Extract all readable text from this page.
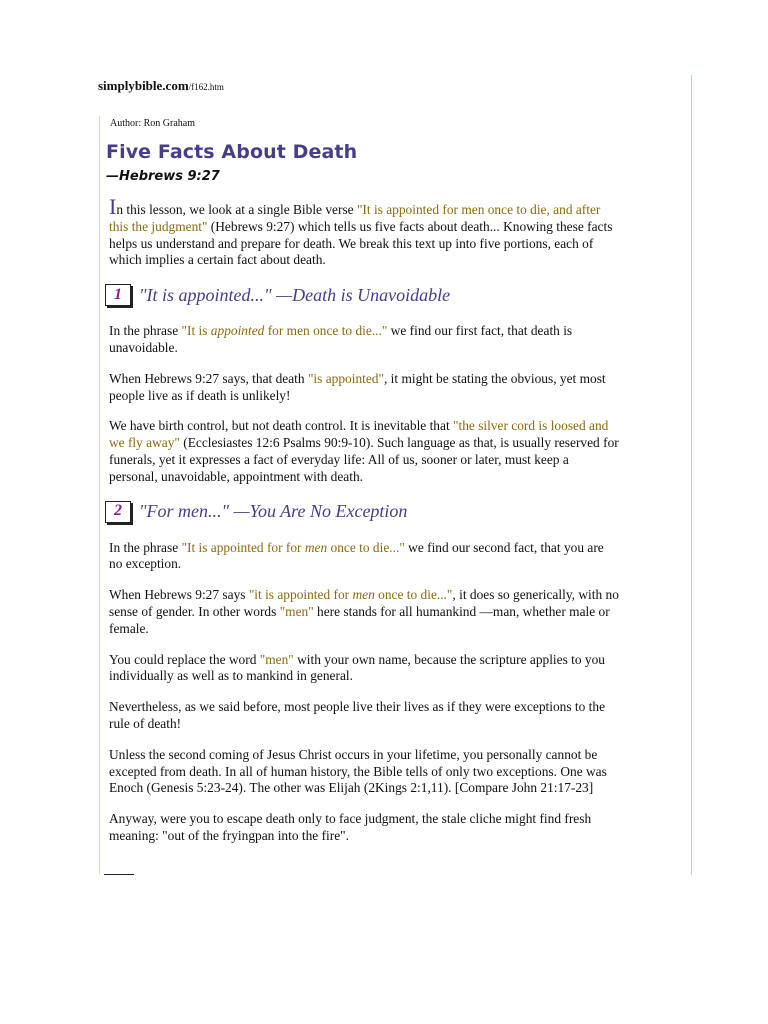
simplybible.com/f162.htm
Author: Ron Graham
Five Facts About Death
—Hebrews 9:27

In this lesson, we look at a single Bible verse "It is appointed for men once to die, and after this the judgment" (Hebrews 9:27) which tells us five facts about death... Knowing these facts helps us understand and prepare for death. We break this text up into five portions, each of which implies a certain fact about death.

1 "It is appointed..." —Death is Unavoidable

In the phrase "It is appointed for men once to die..." we find our first fact, that death is unavoidable.

When Hebrews 9:27 says, that death "is appointed", it might be stating the obvious, yet most people live as if death is unlikely!

We have birth control, but not death control. It is inevitable that "the silver cord is loosed and we fly away" (Ecclesiastes 12:6 Psalms 90:9-10). Such language as that, is usually reserved for funerals, yet it expresses a fact of everyday life: All of us, sooner or later, must keep a personal, unavoidable, appointment with death.

2 "For men..." —You Are No Exception

In the phrase "It is appointed for for men once to die..." we find our second fact, that you are no exception.

When Hebrews 9:27 says "it is appointed for men once to die...", it does so generically, with no sense of gender. In other words "men" here stands for all humankind —man, whether male or female.

You could replace the word "men" with your own name, because the scripture applies to you individually as well as to mankind in general.

Nevertheless, as we said before, most people live their lives as if they were exceptions to the rule of death!

Unless the second coming of Jesus Christ occurs in your lifetime, you personally cannot be excepted from death. In all of human history, the Bible tells of only two exceptions. One was Enoch (Genesis 5:23-24). The other was Elijah (2Kings 2:1,11). [Compare John 21:17-23]

Anyway, were you to escape death only to face judgment, the stale cliche might find fresh meaning: "out of the fryingpan into the fire".
